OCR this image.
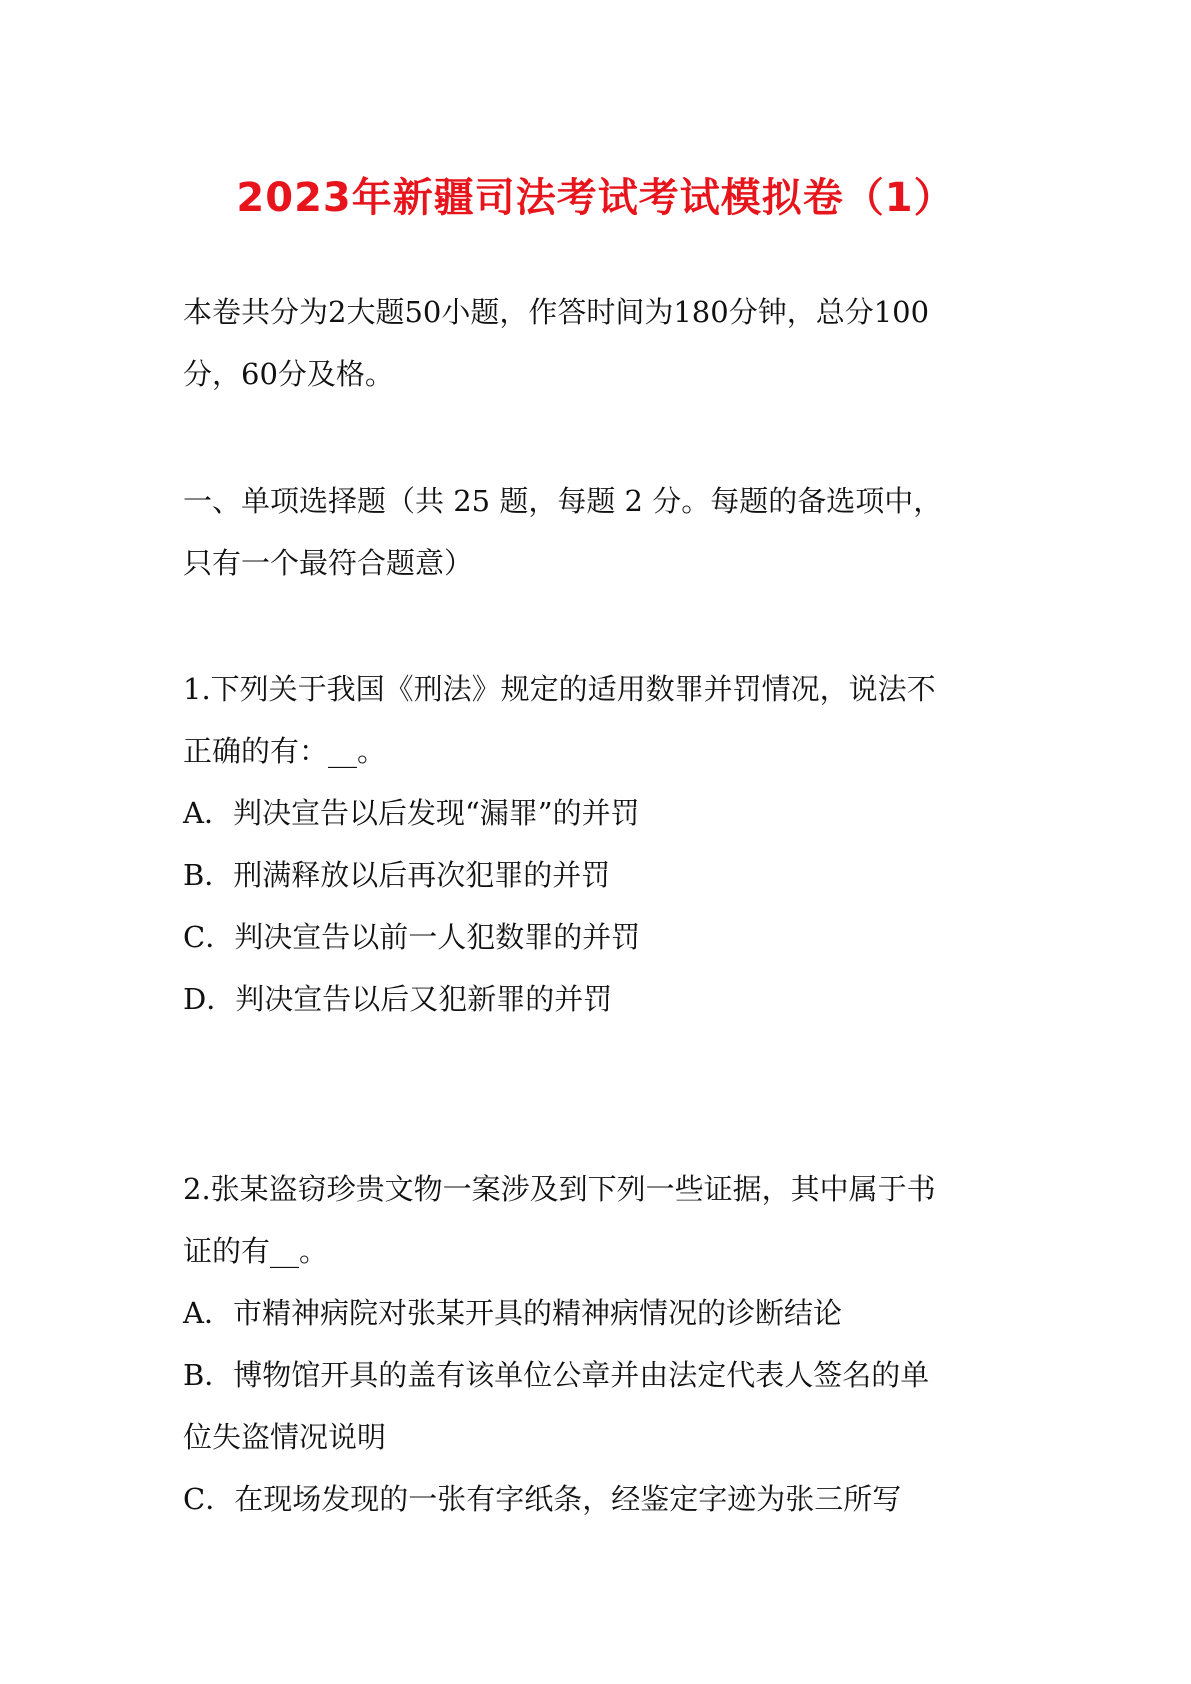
2023年新疆司法考试考试模拟卷（1）
本卷共分为2大题50小题，作答时间为180分钟，总分100
分，60分及格。
一、单项选择题（共 25 题，每题 2 分。每题的备选项中，
只有一个最符合题意）
1.下列关于我国《刑法》规定的适用数罪并罚情况，说法不
正确的有：__。
A．判决宣告以后发现“漏罪”的并罚
B．刑满释放以后再次犯罪的并罚
C．判决宣告以前一人犯数罪的并罚
D．判决宣告以后又犯新罪的并罚
2.张某盗窃珍贵文物一案涉及到下列一些证据，其中属于书
证的有__。
A．市精神病院对张某开具的精神病情况的诊断结论
B．博物馆开具的盖有该单位公章并由法定代表人签名的单
位失盗情况说明
C．在现场发现的一张有字纸条，经鉴定字迹为张三所写
